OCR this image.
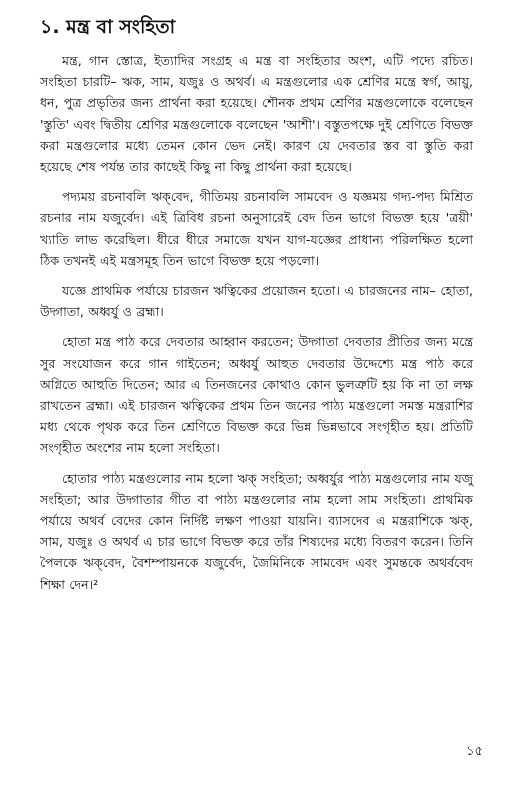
১. মন্ত্র বা সংহিতা

মন্ত্র, গান স্তোত্র, ইত্যাদির সংগ্রহ এ মন্ত্র বা সংহিতার অংশ, এটি পদ্যে রচিত। সংহিতা চারটি– ঋক, সাম, যজুঃ ও অথর্ব। এ মন্ত্রগুলোর এক শ্রেণির মন্ত্রে স্বর্গ, আয়ু, ধন, পুত্র প্রভৃতির জন্য প্রার্থনা করা হয়েছে। শৌনক প্রথম শ্রেণির মন্ত্রগুলোকে বলেছেন 'স্তুতি' এবং দ্বিতীয় শ্রেণির মন্ত্রগুলোকে বলেছেন 'আশী'। বস্তুতপক্ষে দুই শ্রেণিতে বিভক্ত করা মন্ত্রগুলোর মধ্যে তেমন কোন ভেদ নেই। কারণ যে দেবতার স্তব বা স্তুতি করা হয়েছে শেষ পর্যন্ত তার কাছেই কিছু না কিছু প্রার্থনা করা হয়েছে।

পদ্যময় রচনাবলি ঋক্‌বেদ, গীতিময় রচনাবলি সামবেদ ও যজ্ঞময় গদ্য-পদ্য মিশ্রিত রচনার নাম যজুর্বেদ। এই ত্রিবিধ রচনা অনুসারেই বেদ তিন ভাগে বিভক্ত হয়ে 'ত্রয়ী' খ্যাতি লাভ করেছিল। ধীরে ধীরে সমাজে যখন যাগ-যজ্ঞের প্রাধান্য পরিলক্ষিত হলো ঠিক তখনই এই মন্ত্রসমূহ তিন ভাগে বিভক্ত হয়ে পড়লো।

যজ্ঞে প্রাথমিক পর্যায়ে চারজন ঋত্বিকের প্রয়োজন হতো। এ চারজনের নাম– হোতা, উদ্গাতা, অধ্বর্যু ও ব্রহ্মা।

হোতা মন্ত্র পাঠ করে দেবতার আহ্বান করতেন; উদ্গাতা দেবতার প্রীতির জন্য মন্ত্রে সুর সংযোজন করে গান গাইতেন; অধ্বর্যু আহুত দেবতার উদ্দেশ্যে মন্ত্র পাঠ করে অগ্নিতে আহুতি দিতেন; আর এ তিনজনের কোথাও কোন ভুলত্রুটি হয় কি না তা লক্ষ রাখতেন ব্রহ্মা। এই চারজন ঋত্বিকের প্রথম তিন জনের পাঠ্য মন্ত্রগুলো সমস্ত মন্ত্ররাশির মধ্য থেকে পৃথক করে তিন শ্রেণিতে বিভক্ত করে ভিন্ন ভিন্নভাবে সংগৃহীত হয়। প্রতিটি সংগৃহীত অংশের নাম হলো সংহিতা।

হোতার পাঠ্য মন্ত্রগুলোর নাম হলো ঋক্ সংহিতা; অধ্বর্যুর পাঠ্য মন্ত্রগুলোর নাম যজু সংহিতা; আর উদ্গাতার গীত বা পাঠ্য মন্ত্রগুলোর নাম হলো সাম সংহিতা। প্রাথমিক পর্যায়ে অথর্ব বেদের কোন নির্দিষ্ট লক্ষণ পাওয়া যায়নি। ব্যাসদেব এ মন্ত্ররাশিকে ঋক্, সাম, যজুঃ ও অথর্ব এ চার ভাগে বিভক্ত করে তাঁর শিষ্যদের মধ্যে বিতরণ করেন। তিনি পৈলকে ঋক্‌বেদ, বৈশম্পায়নকে যজুর্বেদ, জৈমিনিকে সামবেদ এবং সুমন্তকে অথর্ববেদ শিক্ষা দেন।²

১৫
